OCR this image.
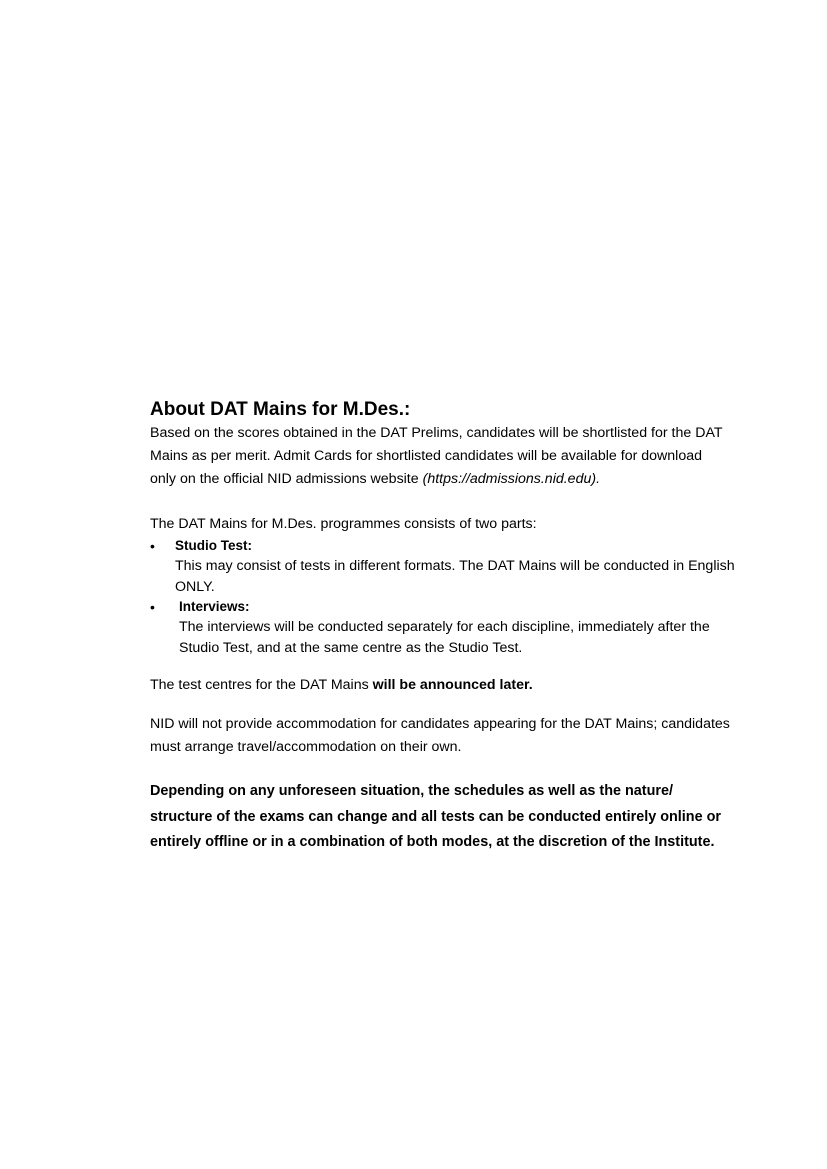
About DAT Mains for M.Des.:

Based on the scores obtained in the DAT Prelims, candidates will be shortlisted for the DAT
Mains as per merit. Admit Cards for shortlisted candidates will be available for download
only on the official NID admissions website (https://admissions.nid.edu).

The DAT Mains for M.Des. programmes consists of two parts:

• Studio Test:
This may consist of tests in different formats. The DAT Mains will be conducted in English
ONLY.
• Interviews:
The interviews will be conducted separately for each discipline, immediately after the
Studio Test, and at the same centre as the Studio Test.

The test centres for the DAT Mains will be announced later.

NID will not provide accommodation for candidates appearing for the DAT Mains; candidates
must arrange travel/accommodation on their own.

Depending on any unforeseen situation, the schedules as well as the nature/
structure of the exams can change and all tests can be conducted entirely online or
entirely offline or in a combination of both modes, at the discretion of the Institute.
